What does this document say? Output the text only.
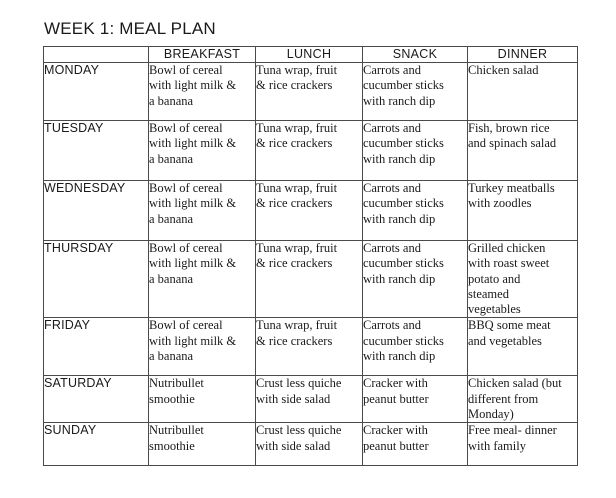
WEEK 1: MEAL PLAN
	BREAKFAST	LUNCH	SNACK	DINNER
MONDAY	Bowl of cereal
with light milk &
a banana	Tuna wrap, fruit
& rice crackers	Carrots and
cucumber sticks
with ranch dip	Chicken salad
TUESDAY	Bowl of cereal
with light milk &
a banana	Tuna wrap, fruit
& rice crackers	Carrots and
cucumber sticks
with ranch dip	Fish, brown rice
and spinach salad
WEDNESDAY	Bowl of cereal
with light milk &
a banana	Tuna wrap, fruit
& rice crackers	Carrots and
cucumber sticks
with ranch dip	Turkey meatballs
with zoodles
THURSDAY	Bowl of cereal
with light milk &
a banana	Tuna wrap, fruit
& rice crackers	Carrots and
cucumber sticks
with ranch dip	Grilled chicken
with roast sweet
potato and
steamed
vegetables
FRIDAY	Bowl of cereal
with light milk &
a banana	Tuna wrap, fruit
& rice crackers	Carrots and
cucumber sticks
with ranch dip	BBQ some meat
and vegetables
SATURDAY	Nutribullet
smoothie	Crust less quiche
with side salad	Cracker with
peanut butter	Chicken salad (but
different from
Monday)
SUNDAY	Nutribullet
smoothie	Crust less quiche
with side salad	Cracker with
peanut butter	Free meal- dinner
with family
